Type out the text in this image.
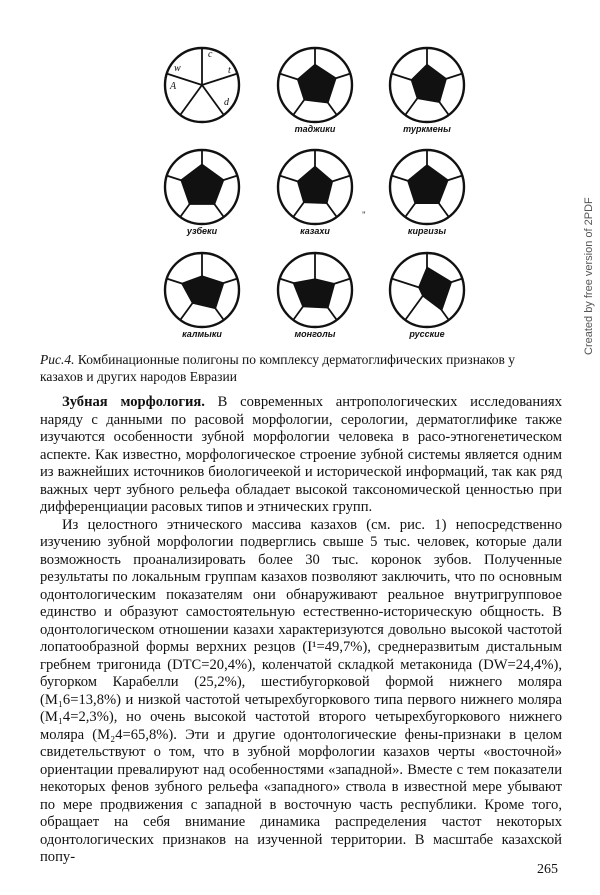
c
t
d
w
A
таджики	туркмены
узбеки	казахи	киргизы
калмыки	монголы	русские
"
Рис.4. Комбинационные полигоны по комплексу дерматоглифических признаков у казахов и других народов Евразии

Зубная морфология. В современных антропологических исследованиях наряду с данными по расовой морфологии, серологии, дерматоглифике также изучаются особенности зубной морфологии человека в расо-этногенетическом аспекте. Как известно, морфологическое строение зубной системы является одним из важнейших источников биологичеекой и исторической информаций, так как ряд важных черт зубного рельефа обладает высокой таксономической ценностью при дифференциации расовых типов и этнических групп.

Из целостного этнического массива казахов (см. рис. 1) непосредственно изучению зубной морфологии подверглись свыше 5 тыс. человек, которые дали возможность проанализировать более 30 тыс. коронок зубов. Полученные результаты по локальным группам казахов позволяют заключить, что по основным одонтологическим показателям они обнаруживают реальное внутригрупповое единство и образуют самостоятельную естественно-историческую общность. В одонтологическом отношении казахи характеризуются довольно высокой частотой лопатообразной формы верхних резцов (I¹=49,7%), среднеразвитым дистальным гребнем тригонида (DTC=20,4%), коленчатой складкой метаконида (DW=24,4%), бугорком Карабелли (25,2%), шестибугорковой формой нижнего моляра (M₁6=13,8%) и низкой частотой четырехбугоркового типа первого нижнего моляра (M₁4=2,3%), но очень высокой частотой второго четырехбугоркового нижнего моляра (M₂4=65,8%). Эти и другие одонтологические фены-признаки в целом свидетельствуют о том, что в зубной морфологии казахов черты «восточной» ориентации превалируют над особенностями «западной». Вместе с тем показатели некоторых фенов зубного рельефа «западного» ствола в известной мере убывают по мере продвижения с западной в восточную часть республики. Кроме того, обращает на себя внимание динамика распределения частот некоторых одонтологических признаков на изученной территории. В масштабе казахской попу-

265
Created by free version of 2PDF
